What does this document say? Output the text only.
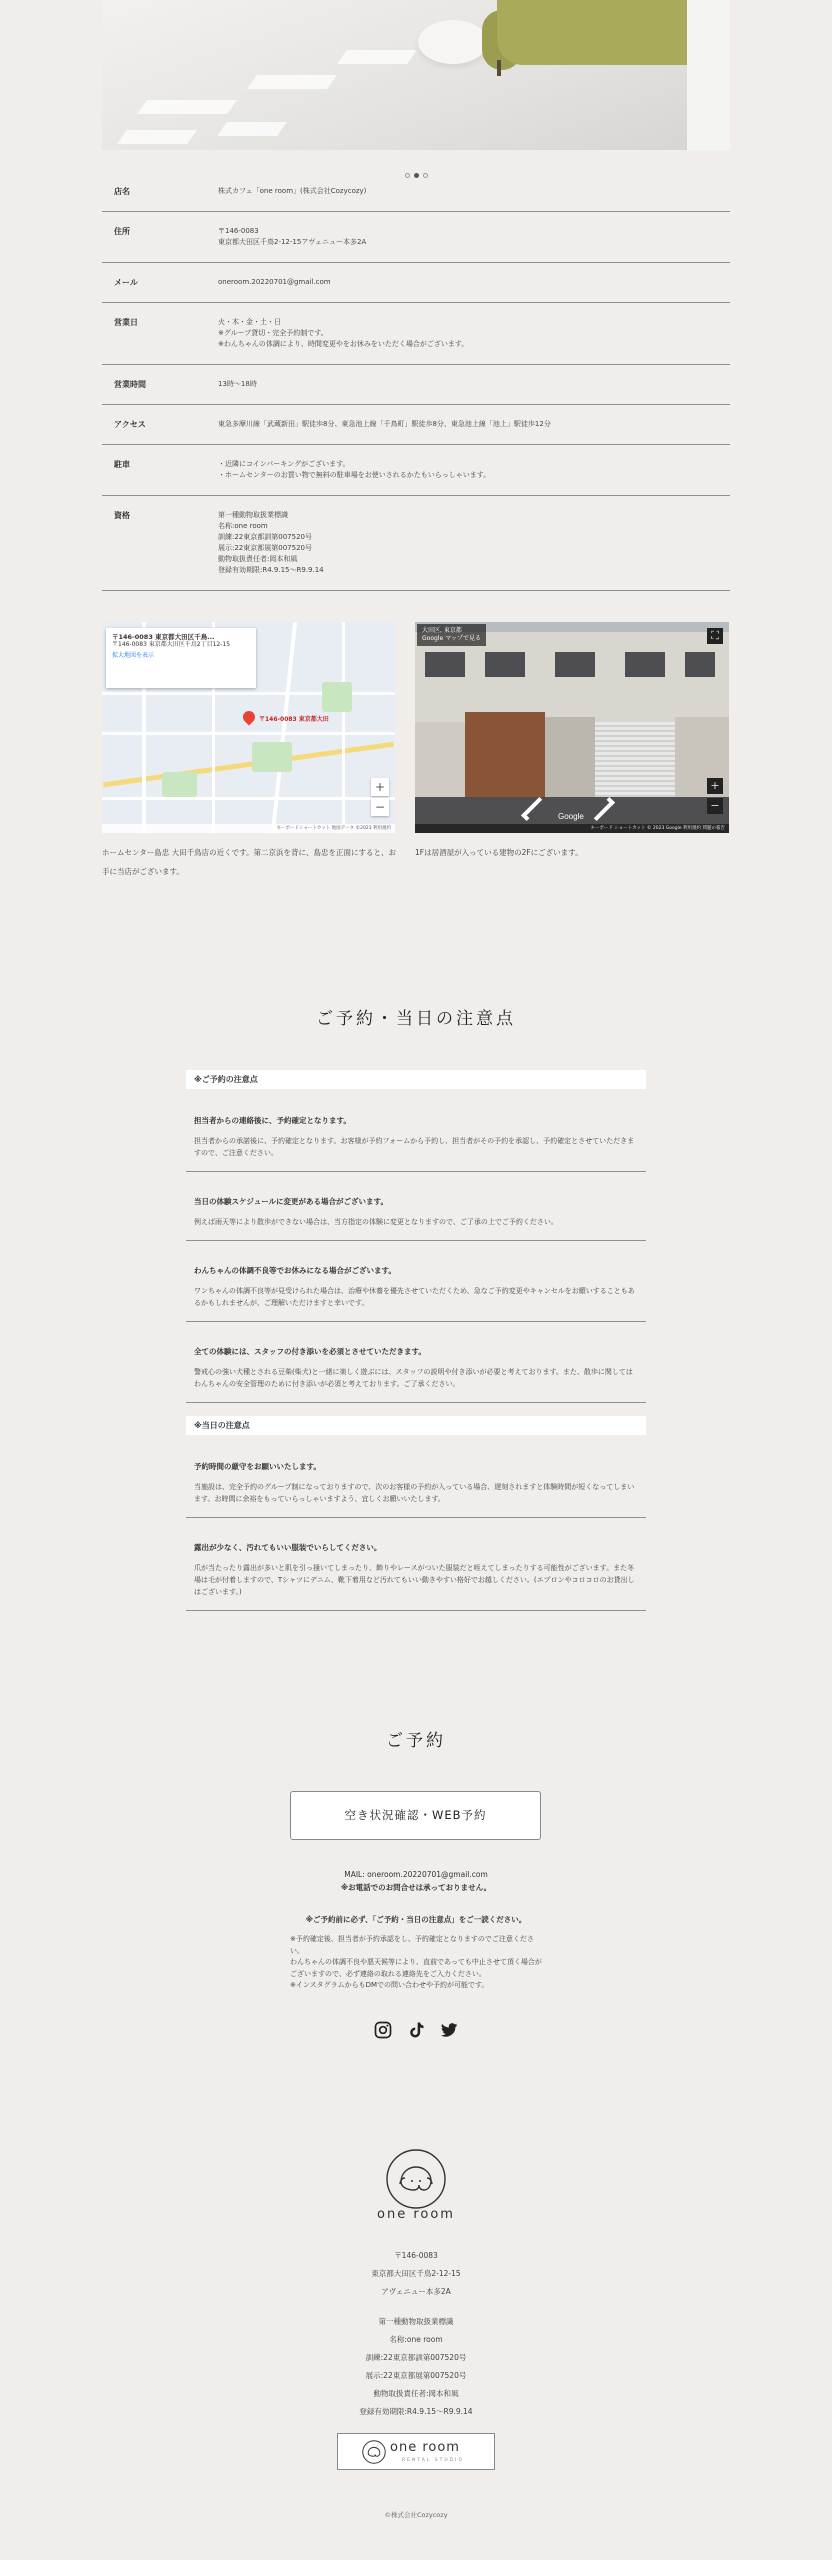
店名	株式カフェ「one room」(株式会社Cozycozy)
住所	〒146-0083
東京都大田区千鳥2-12-15アヴェニュー本多2A
メール	oneroom.20220701@gmail.com
営業日	火・木・金・土・日
※グループ貸切・完全予約制です。
※わんちゃんの体調により、時間変更やをお休みをいただく場合がございます。
営業時間	13時〜18時
アクセス	東急多摩川線「武蔵新田」駅徒歩8分、東急池上線「千鳥町」駅徒歩8分、東急池上線「池上」駅徒歩12分
駐車	・近隣にコインパーキングがございます。
・ホームセンターのお買い物で無料の駐車場をお使いされるかたもいらっしゃいます。
資格	第一種動物取扱業標識
名称:one room
訓練:22東京都訓第007520号
展示:22東京都展第007520号
動物取扱責任者:岡本和風
登録有効期限:R4.9.15〜R9.9.14
〒146-0083 東京都大田区千鳥...
〒146-0083 東京都大田区千鳥2丁目12-15
拡大地図を表示
〒146-0083 東京都大田
+
−
キーボードショートカット 地図データ ©2023 利用規約
大田区, 東京都
Google マップで見る	⛶
+
−
Google
キーボード ショートカット © 2023 Google 利用規約 問題の報告
ホームセンター島忠 大田千鳥店の近くです。第二京浜を背に、島忠を正面にすると、お手に当店がございます。
1Fは居酒屋が入っている建物の2Fにございます。
ご予約・当日の注意点
※ご予約の注意点
担当者からの連絡後に、予約確定となります。
担当者からの承諾後に、予約確定となります。お客様が予約フォームから予約し、担当者がその予約を承認し、予約確定とさせていただきますので、ご注意ください。
当日の体験スケジュールに変更がある場合がございます。
例えば雨天等により散歩ができない場合は、当方指定の体験に変更となりますので、ご了承の上でご予約ください。
わんちゃんの体調不良等でお休みになる場合がございます。
ワンちゃんの体調不良等が見受けられた場合は、治療や休養を優先させていただくため、急なご予約変更やキャンセルをお願いすることもあるかもしれませんが、ご理解いただけますと幸いです。
全ての体験には、スタッフの付き添いを必須とさせていただきます。
警戒心の強い犬種とされる豆柴(柴犬)と一緒に楽しく遊ぶには、スタッフの説明や付き添いが必要と考えております。また、散歩に関してはわんちゃんの安全管理のために付き添いが必須と考えております。ご了承ください。
※当日の注意点
予約時間の厳守をお願いいたします。
当施設は、完全予約のグループ制になっておりますので、次のお客様の予約が入っている場合、遅刻されますと体験時間が短くなってしまいます。お時間に余裕をもっていらっしゃいますよう、宜しくお願いいたします。
露出が少なく、汚れてもいい服装でいらしてください。
爪が当たったり露出が多いと肌を引っ掻いてしまったり、飾りやレースがついた服装だと咥えてしまったりする可能性がございます。また冬場は毛が付着しますので、Tシャツにデニム、靴下着用など汚れてもいい動きやすい格好でお越しください。(エプロンやコロコロのお貸出しはございます。)
ご予約
空き状況確認・WEB予約
MAIL: oneroom.20220701@gmail.com
※お電話でのお問合せは承っておりません。
※ご予約前に必ず、「ご予約・当日の注意点」をご一読ください。
※予約確定後、担当者が予約承認をし、予約確定となりますのでご注意ください。
わんちゃんの体調不良や悪天候等により、直前であっても中止させて頂く場合がございますので、必ず連絡の取れる連絡先をご入力ください。
※インスタグラムからもDMでの問い合わせや予約が可能です。
one room
〒146-0083
東京都大田区千鳥2-12-15
アヴェニュー本多2A
第一種動物取扱業標識
名称:one room
訓練:22東京都訓第007520号
展示:22東京都展第007520号
動物取扱責任者:岡本和風
登録有効期限:R4.9.15〜R9.9.14
one room
RENTAL STUDIO
©株式会社Cozycozy
